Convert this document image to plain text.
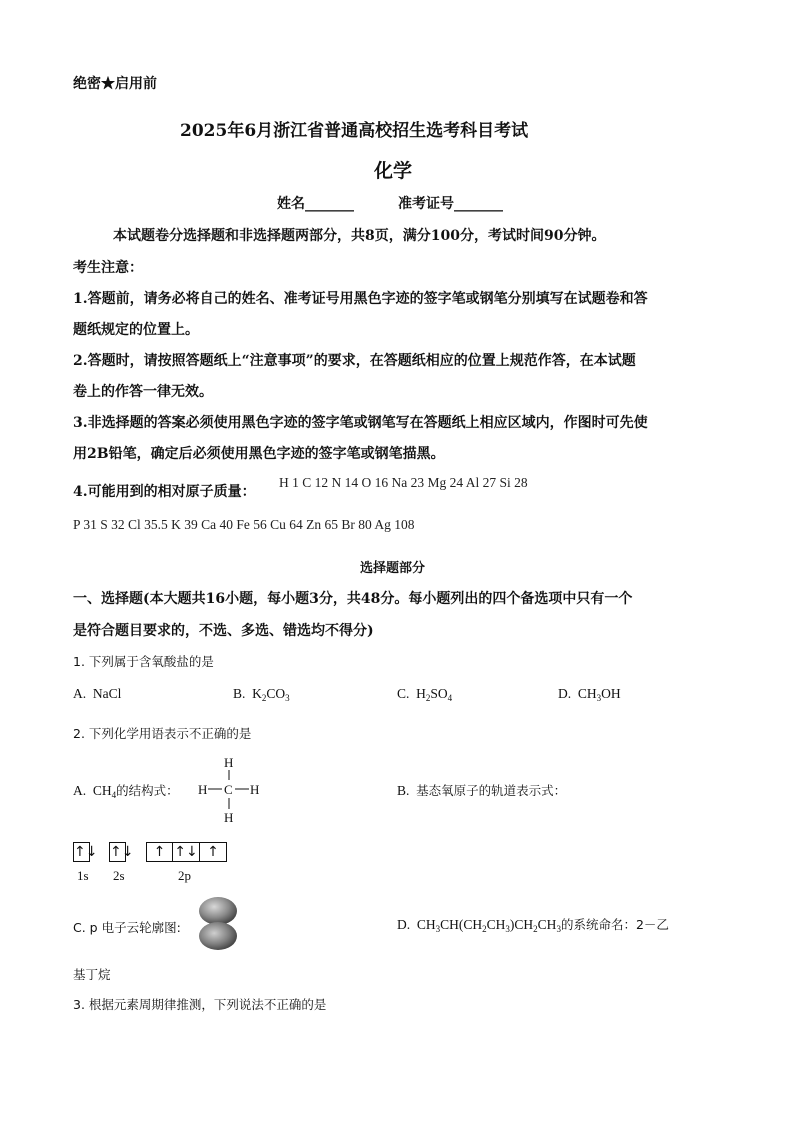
绝密★启用前
2025年6月浙江省普通高校招生选考科目考试
化学
姓名_______	准考证号_______
本试题卷分选择题和非选择题两部分，共8页，满分100分，考试时间90分钟。
考生注意：
1.答题前，请务必将自己的姓名、准考证号用黑色字迹的签字笔或钢笔分别填写在试题卷和答
题纸规定的位置上。
2.答题时，请按照答题纸上“注意事项”的要求，在答题纸相应的位置上规范作答，在本试题
卷上的作答一律无效。
3.非选择题的答案必须使用黑色字迹的签字笔或钢笔写在答题纸上相应区域内，作图时可先使
用2B铅笔，确定后必须使用黑色字迹的签字笔或钢笔描黑。
4.可能用到的相对原子质量：
H 1 C 12 N 14 O 16 Na 23 Mg 24 Al 27 Si 28
P 31 S 32 Cl 35.5 K 39 Ca 40 Fe 56 Cu 64 Zn 65 Br 80 Ag 108
选择题部分
一、选择题(本大题共16小题，每小题3分，共48分。每小题列出的四个备选项中只有一个
是符合题目要求的，不选、多选、错选均不得分)
1. 下列属于含氧酸盐的是
A. NaCl	B.  $K_2CO_3$	C.  $H_2SO_4$	D.  $CH_3OH$
2. 下列化学用语表示不正确的是
A.  $CH_4$的结构式：
H
H C H
H
B. 基态氧原子的轨道表示式：
↑↓ ↑↓	↑ ↑↓ ↑
1s 2s	2p
C. p 电子云轮廓图:	D.  $CH_3CH(CH_2CH_3)CH_2CH_3$的系统命名：2－乙
基丁烷
3. 根据元素周期律推测，下列说法不正确的是
